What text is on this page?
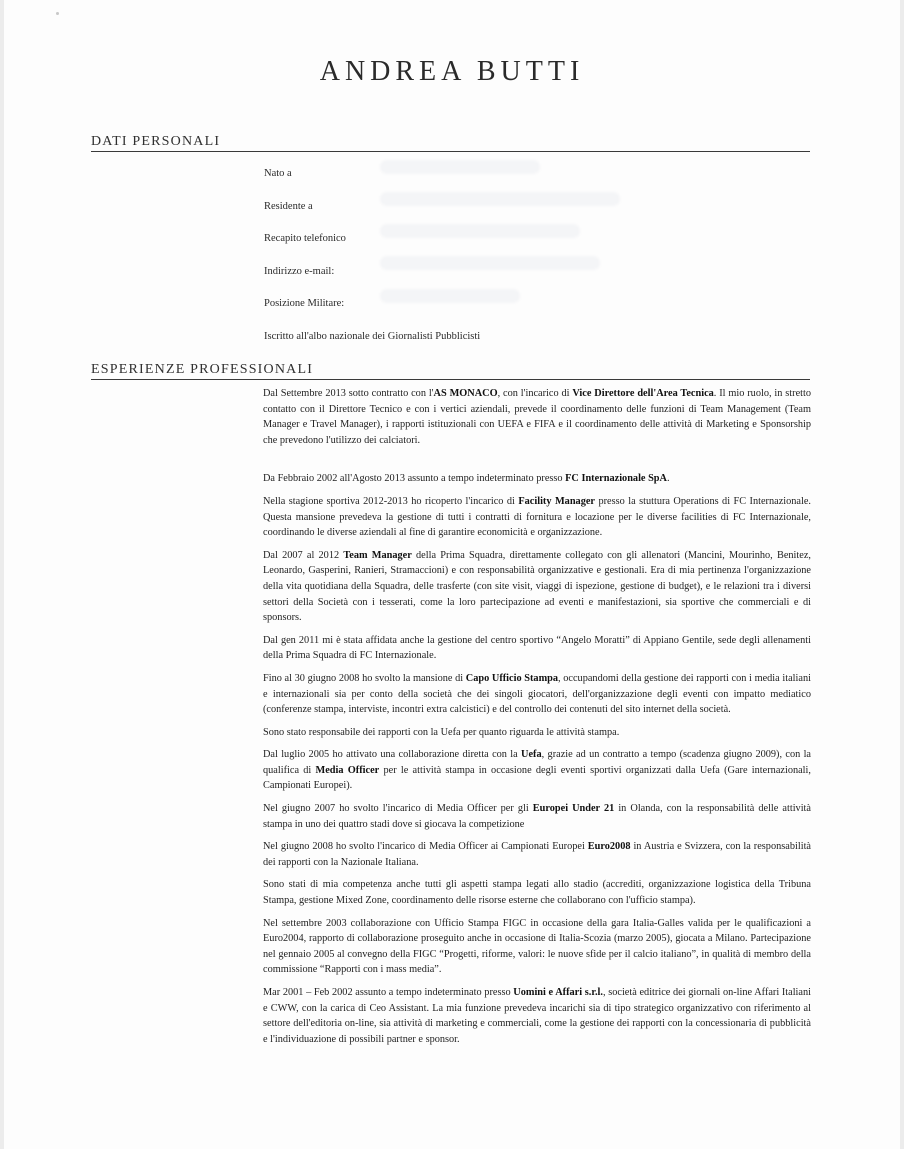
ANDREA BUTTI
DATI PERSONALI
Nato a
Residente a
Recapito telefonico
Indirizzo e-mail:
Posizione Militare:
Iscritto all'albo nazionale dei Giornalisti Pubblicisti
ESPERIENZE PROFESSIONALI

Dal Settembre 2013 sotto contratto con l'AS MONACO, con l'incarico di Vice Direttore dell'Area Tecnica. Il mio ruolo, in stretto contatto con il Direttore Tecnico e con i vertici aziendali, prevede il coordinamento delle funzioni di Team Management (Team Manager e Travel Manager), i rapporti istituzionali con UEFA e FIFA e il coordinamento delle attività di Marketing e Sponsorship che prevedono l'utilizzo dei calciatori.

Da Febbraio 2002 all'Agosto 2013 assunto a tempo indeterminato presso FC Internazionale SpA.

Nella stagione sportiva 2012-2013 ho ricoperto l'incarico di Facility Manager presso la stuttura Operations di FC Internazionale. Questa mansione prevedeva la gestione di tutti i contratti di fornitura e locazione per le diverse facilities di FC Internazionale, coordinando le diverse aziendali al fine di garantire economicità e organizzazione.

Dal 2007 al 2012 Team Manager della Prima Squadra, direttamente collegato con gli allenatori (Mancini, Mourinho, Benitez, Leonardo, Gasperini, Ranieri, Stramaccioni) e con responsabilità organizzative e gestionali. Era di mia pertinenza l'organizzazione della vita quotidiana della Squadra, delle trasferte (con site visit, viaggi di ispezione, gestione di budget), e le relazioni tra i diversi settori della Società con i tesserati, come la loro partecipazione ad eventi e manifestazioni, sia sportive che commerciali e di sponsors.

Dal gen 2011 mi è stata affidata anche la gestione del centro sportivo “Angelo Moratti” di Appiano Gentile, sede degli allenamenti della Prima Squadra di FC Internazionale.

Fino al 30 giugno 2008 ho svolto la mansione di Capo Ufficio Stampa, occupandomi della gestione dei rapporti con i media italiani e internazionali sia per conto della società che dei singoli giocatori, dell'organizzazione degli eventi con impatto mediatico (conferenze stampa, interviste, incontri extra calcistici) e del controllo dei contenuti del sito internet della società.

Sono stato responsabile dei rapporti con la Uefa per quanto riguarda le attività stampa.

Dal luglio 2005 ho attivato una collaborazione diretta con la Uefa, grazie ad un contratto a tempo (scadenza giugno 2009), con la qualifica di Media Officer per le attività stampa in occasione degli eventi sportivi organizzati dalla Uefa (Gare internazionali, Campionati Europei).

Nel giugno 2007 ho svolto l'incarico di Media Officer per gli Europei Under 21 in Olanda, con la responsabilità delle attività stampa in uno dei quattro stadi dove si giocava la competizione

Nel giugno 2008 ho svolto l'incarico di Media Officer ai Campionati Europei Euro2008 in Austria e Svizzera, con la responsabilità dei rapporti con la Nazionale Italiana.

Sono stati di mia competenza anche tutti gli aspetti stampa legati allo stadio (accrediti, organizzazione logistica della Tribuna Stampa, gestione Mixed Zone, coordinamento delle risorse esterne che collaborano con l'ufficio stampa).

Nel settembre 2003 collaborazione con Ufficio Stampa FIGC in occasione della gara Italia-Galles valida per le qualificazioni a Euro2004, rapporto di collaborazione proseguito anche in occasione di Italia-Scozia (marzo 2005), giocata a Milano. Partecipazione nel gennaio 2005 al convegno della FIGC “Progetti, riforme, valori: le nuove sfide per il calcio italiano”, in qualità di membro della commissione “Rapporti con i mass media”.

Mar 2001 – Feb 2002 assunto a tempo indeterminato presso Uomini e Affari s.r.l., società editrice dei giornali on-line Affari Italiani e CWW, con la carica di Ceo Assistant. La mia funzione prevedeva incarichi sia di tipo strategico organizzativo con riferimento al settore dell'editoria on-line, sia attività di marketing e commerciali, come la gestione dei rapporti con la concessionaria di pubblicità e l'individuazione di possibili partner e sponsor.
